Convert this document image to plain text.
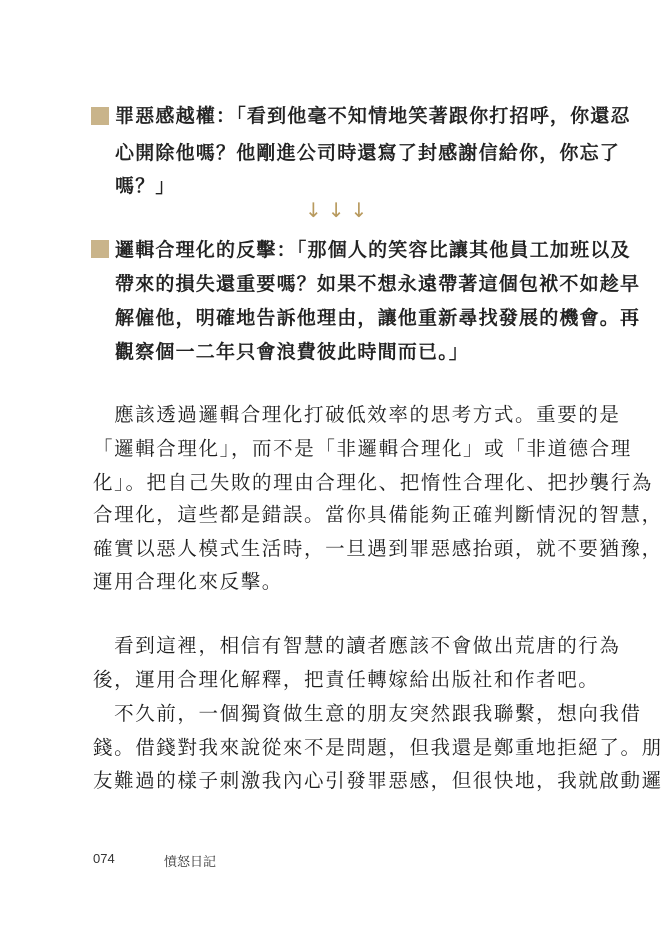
罪惡感越權：「看到他毫不知情地笑著跟你打招呼，你還忍
心開除他嗎？他剛進公司時還寫了封感謝信給你，你忘了
嗎？」
↓↓↓
邏輯合理化的反擊：「那個人的笑容比讓其他員工加班以及
帶來的損失還重要嗎？如果不想永遠帶著這個包袱不如趁早
解僱他，明確地告訴他理由，讓他重新尋找發展的機會。再
觀察個一二年只會浪費彼此時間而已。」
　應該透過邏輯合理化打破低效率的思考方式。重要的是
「邏輯合理化」，而不是「非邏輯合理化」或「非道德合理
化」。把自己失敗的理由合理化、把惰性合理化、把抄襲行為
合理化，這些都是錯誤。當你具備能夠正確判斷情況的智慧，
確實以惡人模式生活時，一旦遇到罪惡感抬頭，就不要猶豫，
運用合理化來反擊。
　看到這裡，相信有智慧的讀者應該不會做出荒唐的行為
後，運用合理化解釋，把責任轉嫁給出版社和作者吧。
　不久前，一個獨資做生意的朋友突然跟我聯繫，想向我借
錢。借錢對我來說從來不是問題，但我還是鄭重地拒絕了。朋
友難過的樣子刺激我內心引發罪惡感，但很快地，我就啟動邏
074	憤怒日記
